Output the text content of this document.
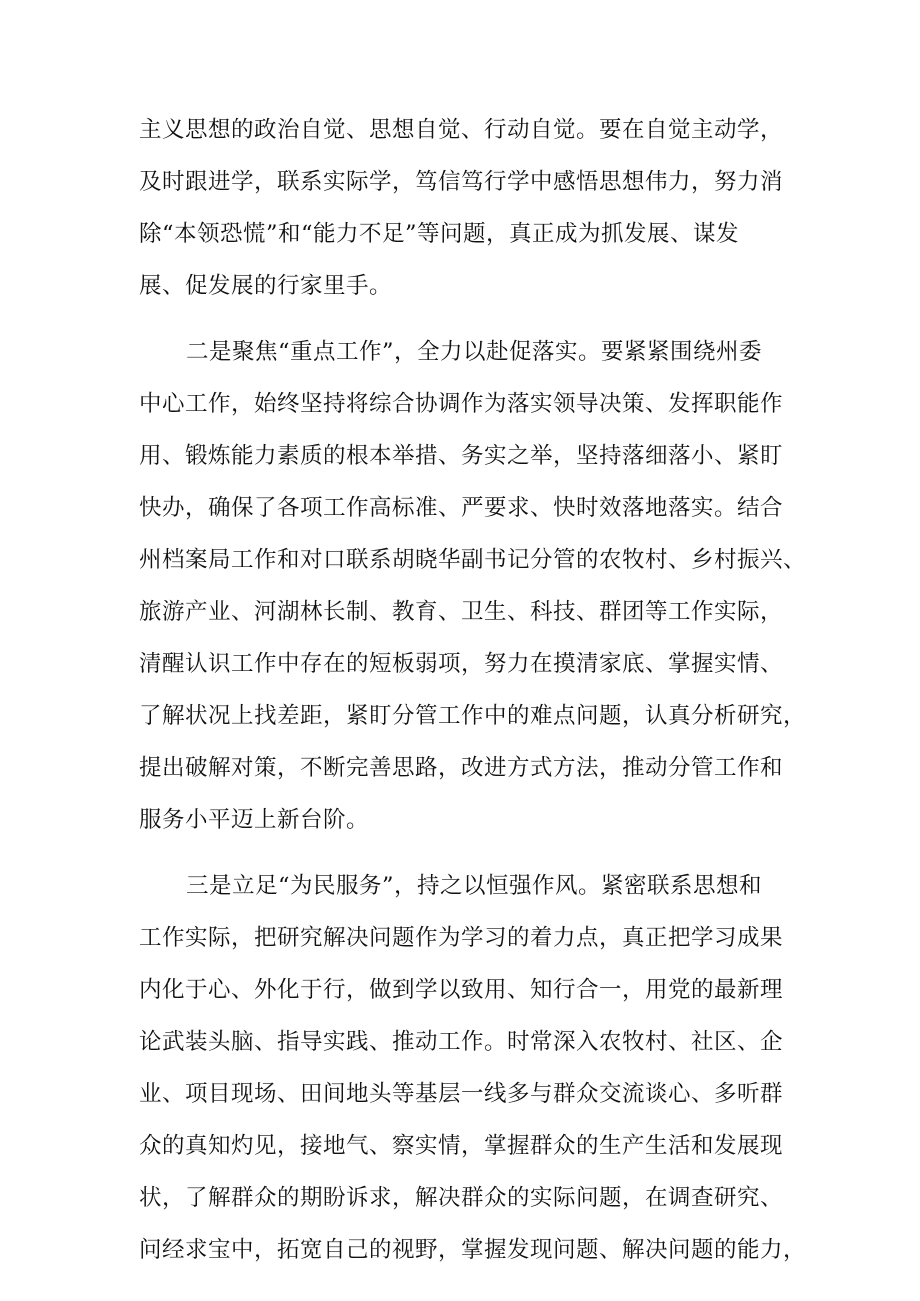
主义思想的政治自觉、思想自觉、行动自觉。要在自觉主动学，
及时跟进学，联系实际学，笃信笃行学中感悟思想伟力，努力消
除“本领恐慌”和“能力不足”等问题，真正成为抓发展、谋发
展、促发展的行家里手。
二是聚焦“重点工作”，全力以赴促落实。要紧紧围绕州委
中心工作，始终坚持将综合协调作为落实领导决策、发挥职能作
用、锻炼能力素质的根本举措、务实之举，坚持落细落小、紧盯
快办，确保了各项工作高标准、严要求、快时效落地落实。结合
州档案局工作和对口联系胡晓华副书记分管的农牧村、乡村振兴、
旅游产业、河湖林长制、教育、卫生、科技、群团等工作实际，
清醒认识工作中存在的短板弱项，努力在摸清家底、掌握实情、
了解状况上找差距，紧盯分管工作中的难点问题，认真分析研究，
提出破解对策，不断完善思路，改进方式方法，推动分管工作和
服务小平迈上新台阶。
三是立足“为民服务”，持之以恒强作风。紧密联系思想和
工作实际，把研究解决问题作为学习的着力点，真正把学习成果
内化于心、外化于行，做到学以致用、知行合一，用党的最新理
论武装头脑、指导实践、推动工作。时常深入农牧村、社区、企
业、项目现场、田间地头等基层一线多与群众交流谈心、多听群
众的真知灼见，接地气、察实情，掌握群众的生产生活和发展现
状，了解群众的期盼诉求，解决群众的实际问题，在调查研究、
问经求宝中，拓宽自己的视野，掌握发现问题、解决问题的能力，
